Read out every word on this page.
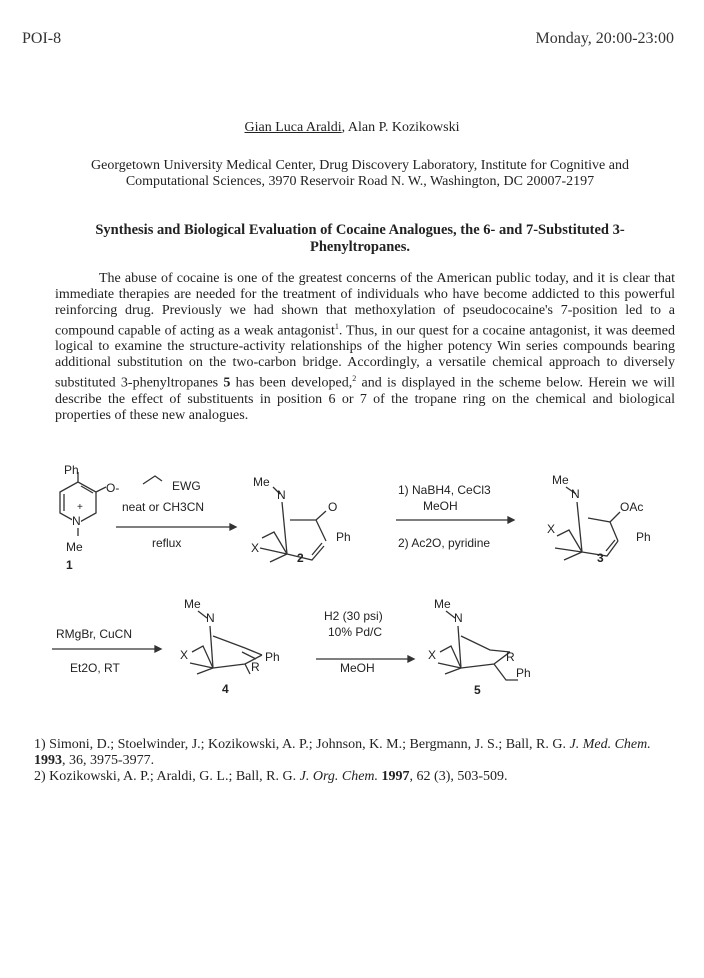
POI-8	Monday, 20:00-23:00
Gian Luca Araldi, Alan P. Kozikowski
Georgetown University Medical Center, Drug Discovery Laboratory, Institute for Cognitive and Computational Sciences, 3970 Reservoir Road N. W., Washington, DC 20007-2197
Synthesis and Biological Evaluation of Cocaine Analogues, the 6- and 7-Substituted 3-Phenyltropanes.

The abuse of cocaine is one of the greatest concerns of the American public today, and it is clear that immediate therapies are needed for the treatment of individuals who have become addicted to this powerful reinforcing drug. Previously we had shown that methoxylation of pseudococaine's 7-position led to a compound capable of acting as a weak antagonist$^1$. Thus, in our quest for a cocaine antagonist, it was deemed logical to examine the structure-activity relationships of the higher potency Win series compounds bearing additional substitution on the two-carbon bridge. Accordingly, a versatile chemical approach to diversely substituted 3-phenyltropanes 5 has been developed,$^2$ and is displayed in the scheme below. Herein we will describe the effect of substituents in position 6 or 7 of the tropane ring on the chemical and biological properties of these new analogues.

Ph
O-
+
N
Me
1
EWG
neat or CH3CN
reflux
Me
N
O
X
Ph
2
1) NaBH4, CeCl3
MeOH
2) Ac2O, pyridine
Me
N
OAc
X
Ph
3
RMgBr, CuCN
Et2O, RT
Me
N
X	Ph
R
4
H2 (30 psi)
10% Pd/C
MeOH
Me
N
X	R
Ph
5
1) Simoni, D.; Stoelwinder, J.; Kozikowski, A. P.; Johnson, K. M.; Bergmann, J. S.; Ball, R. G. J. Med. Chem. 1993, 36, 3975-3977.
2) Kozikowski, A. P.; Araldi, G. L.; Ball, R. G. J. Org. Chem. 1997, 62 (3), 503-509.
